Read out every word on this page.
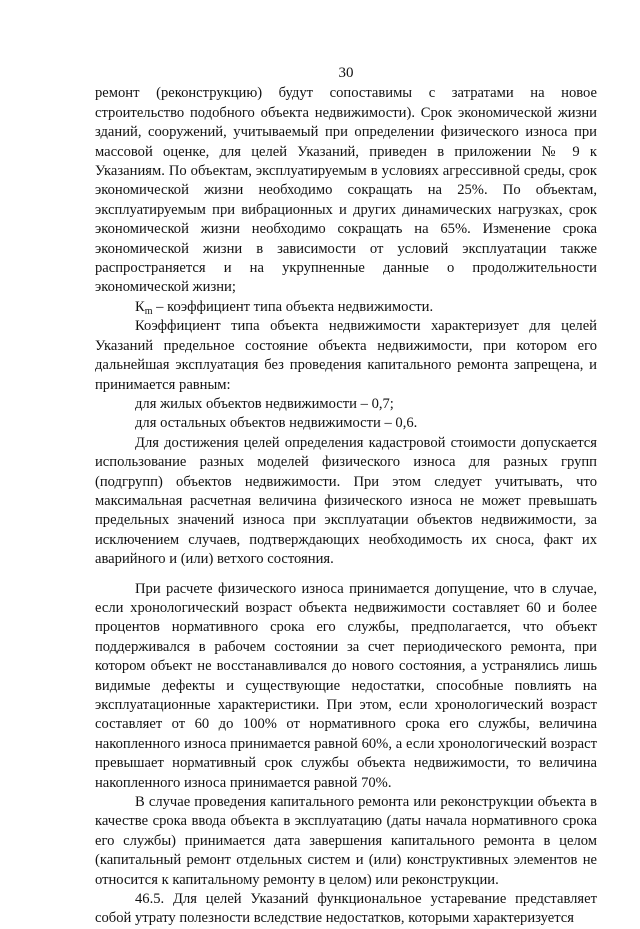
30

ремонт (реконструкцию) будут сопоставимы с затратами на новое строительство подобного объекта недвижимости). Срок экономической жизни зданий, сооружений, учитываемый при определении физического износа при массовой оценке, для целей Указаний, приведен в приложении № 9 к Указаниям. По объектам, эксплуатируемым в условиях агрессивной среды, срок экономической жизни необходимо сокращать на 25%. По объектам, эксплуатируемым при вибрационных и других динамических нагрузках, срок экономической жизни необходимо сокращать на 65%. Изменение срока экономической жизни в зависимости от условий эксплуатации также распространяется и на укрупненные данные о продолжительности экономической жизни;

$К_m$ – коэффициент типа объекта недвижимости.

Коэффициент типа объекта недвижимости характеризует для целей Указаний предельное состояние объекта недвижимости, при котором его дальнейшая эксплуатация без проведения капитального ремонта запрещена, и принимается равным:

для жилых объектов недвижимости – 0,7;

для остальных объектов недвижимости – 0,6.

Для достижения целей определения кадастровой стоимости допускается использование разных моделей физического износа для разных групп (подгрупп) объектов недвижимости. При этом следует учитывать, что максимальная расчетная величина физического износа не может превышать предельных значений износа при эксплуатации объектов недвижимости, за исключением случаев, подтверждающих необходимость их сноса, факт их аварийного и (или) ветхого состояния.

При расчете физического износа принимается допущение, что в случае, если хронологический возраст объекта недвижимости составляет 60 и более процентов нормативного срока его службы, предполагается, что объект поддерживался в рабочем состоянии за счет периодического ремонта, при котором объект не восстанавливался до нового состояния, а устранялись лишь видимые дефекты и существующие недостатки, способные повлиять на эксплуатационные характеристики. При этом, если хронологический возраст составляет от 60 до 100% от нормативного срока его службы, величина накопленного износа принимается равной 60%, а если хронологический возраст превышает нормативный срок службы объекта недвижимости, то величина накопленного износа принимается равной 70%.

В случае проведения капитального ремонта или реконструкции объекта в качестве срока ввода объекта в эксплуатацию (даты начала нормативного срока его службы) принимается дата завершения капитального ремонта в целом (капитальный ремонт отдельных систем и (или) конструктивных элементов не относится к капитальному ремонту в целом) или реконструкции.

46.5. Для целей Указаний функциональное устаревание представляет собой утрату полезности вследствие недостатков, которыми характеризуется
